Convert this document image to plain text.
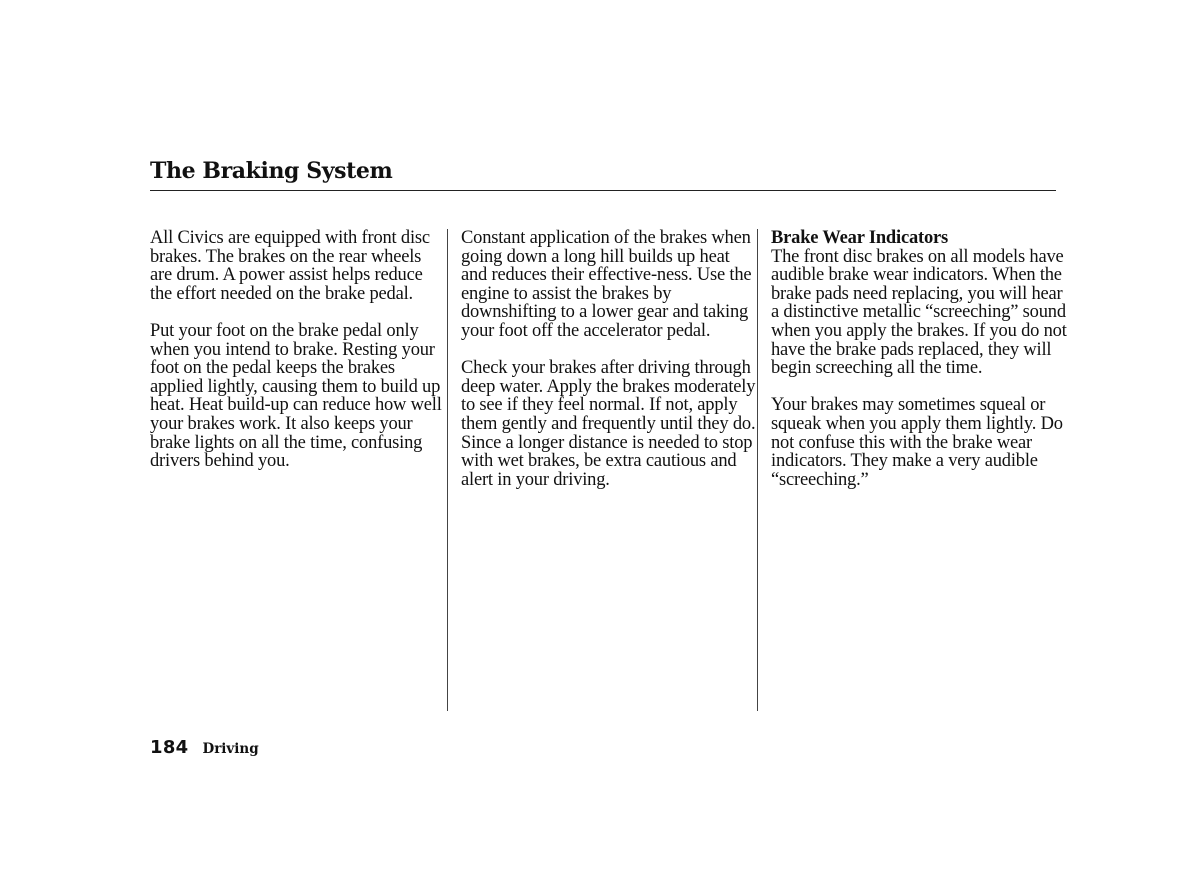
The Braking System

All Civics are equipped with front disc brakes. The brakes on the rear wheels are drum. A power assist helps reduce the effort needed on the brake pedal.

Put your foot on the brake pedal only when you intend to brake. Resting your foot on the pedal keeps the brakes applied lightly, causing them to build up heat. Heat build-up can reduce how well your brakes work. It also keeps your brake lights on all the time, confusing drivers behind you.

Constant application of the brakes when going down a long hill builds up heat and reduces their effective-ness. Use the engine to assist the brakes by downshifting to a lower gear and taking your foot off the accelerator pedal.

Check your brakes after driving through deep water. Apply the brakes moderately to see if they feel normal. If not, apply them gently and frequently until they do. Since a longer distance is needed to stop with wet brakes, be extra cautious and alert in your driving.

Brake Wear Indicators

The front disc brakes on all models have audible brake wear indicators. When the brake pads need replacing, you will hear a distinctive metallic “screeching” sound when you apply the brakes. If you do not have the brake pads replaced, they will begin screeching all the time.

Your brakes may sometimes squeal or squeak when you apply them lightly. Do not confuse this with the brake wear indicators. They make a very audible “screeching.”

184 Driving
